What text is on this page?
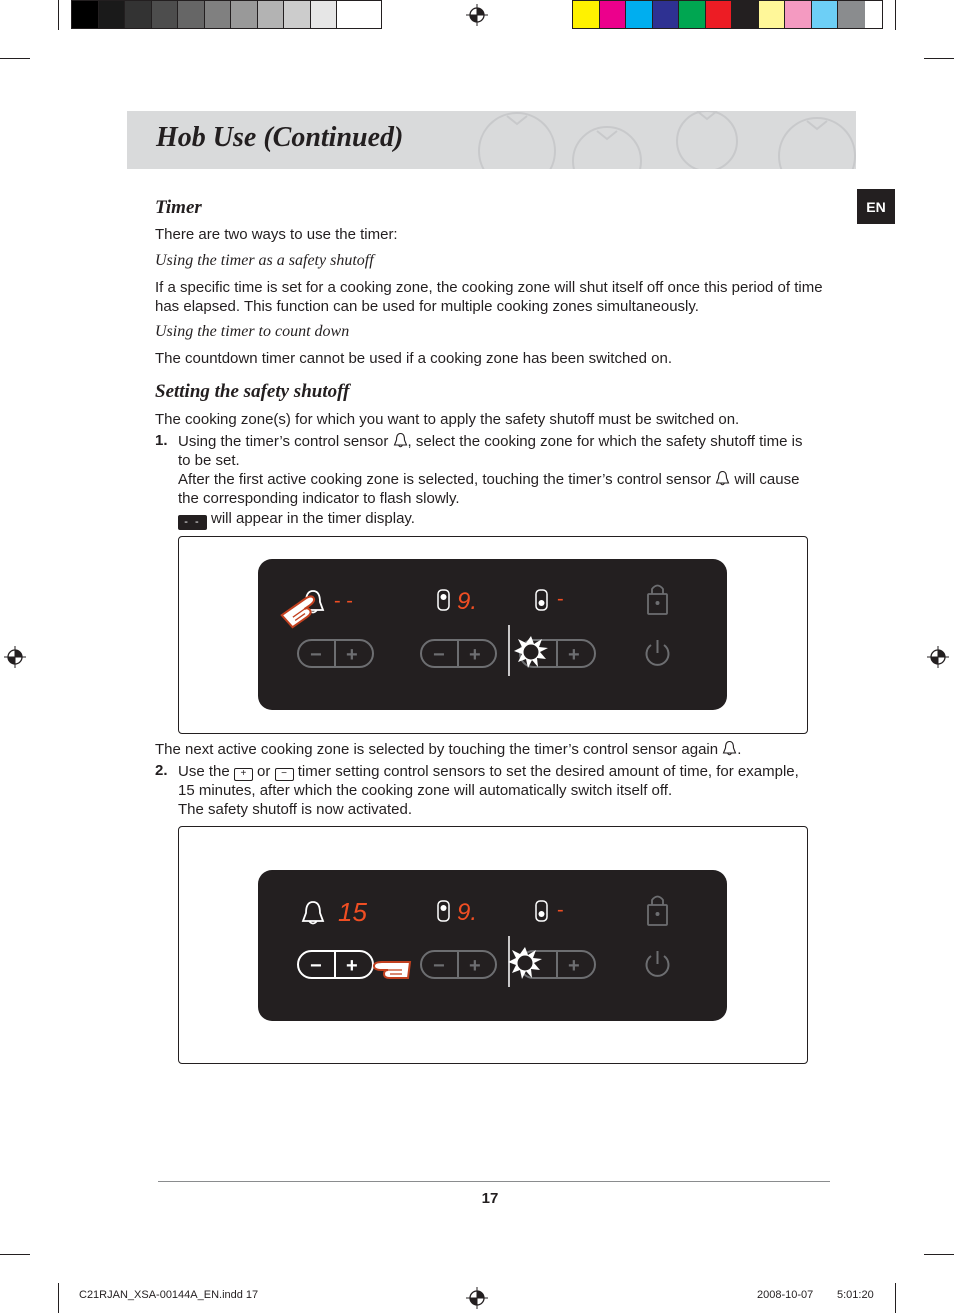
Hob Use (Continued)
EN
Timer
There are two ways to use the timer:
Using the timer as a safety shutoff
If a specific time is set for a cooking zone, the cooking zone will shut itself off once this period of time has elapsed. This function can be used for multiple cooking zones simultaneously.
Using the timer to count down
The countdown timer cannot be used if a cooking zone has been switched on.
Setting the safety shutoff
The cooking zone(s) for which you want to apply the safety shutoff must be switched on.
1. Using the timer’s control sensor , select the cooking zone for which the safety shutoff time is to be set.
After the first active cooking zone is selected, touching the timer’s control sensor will cause the corresponding indicator to flash slowly.
- - will appear in the timer display.
- -	9.	-
− +	− +	+
The next active cooking zone is selected by touching the timer’s control sensor again .
2. Use the + or − timer setting control sensors to set the desired amount of time, for example, 15 minutes, after which the cooking zone will automatically switch itself off.
The safety shutoff is now activated.
15	9.	-
− +	− +	+
17
C21RJAN_XSA-00144A_EN.indd 17	2008-10-07 5:01:20
